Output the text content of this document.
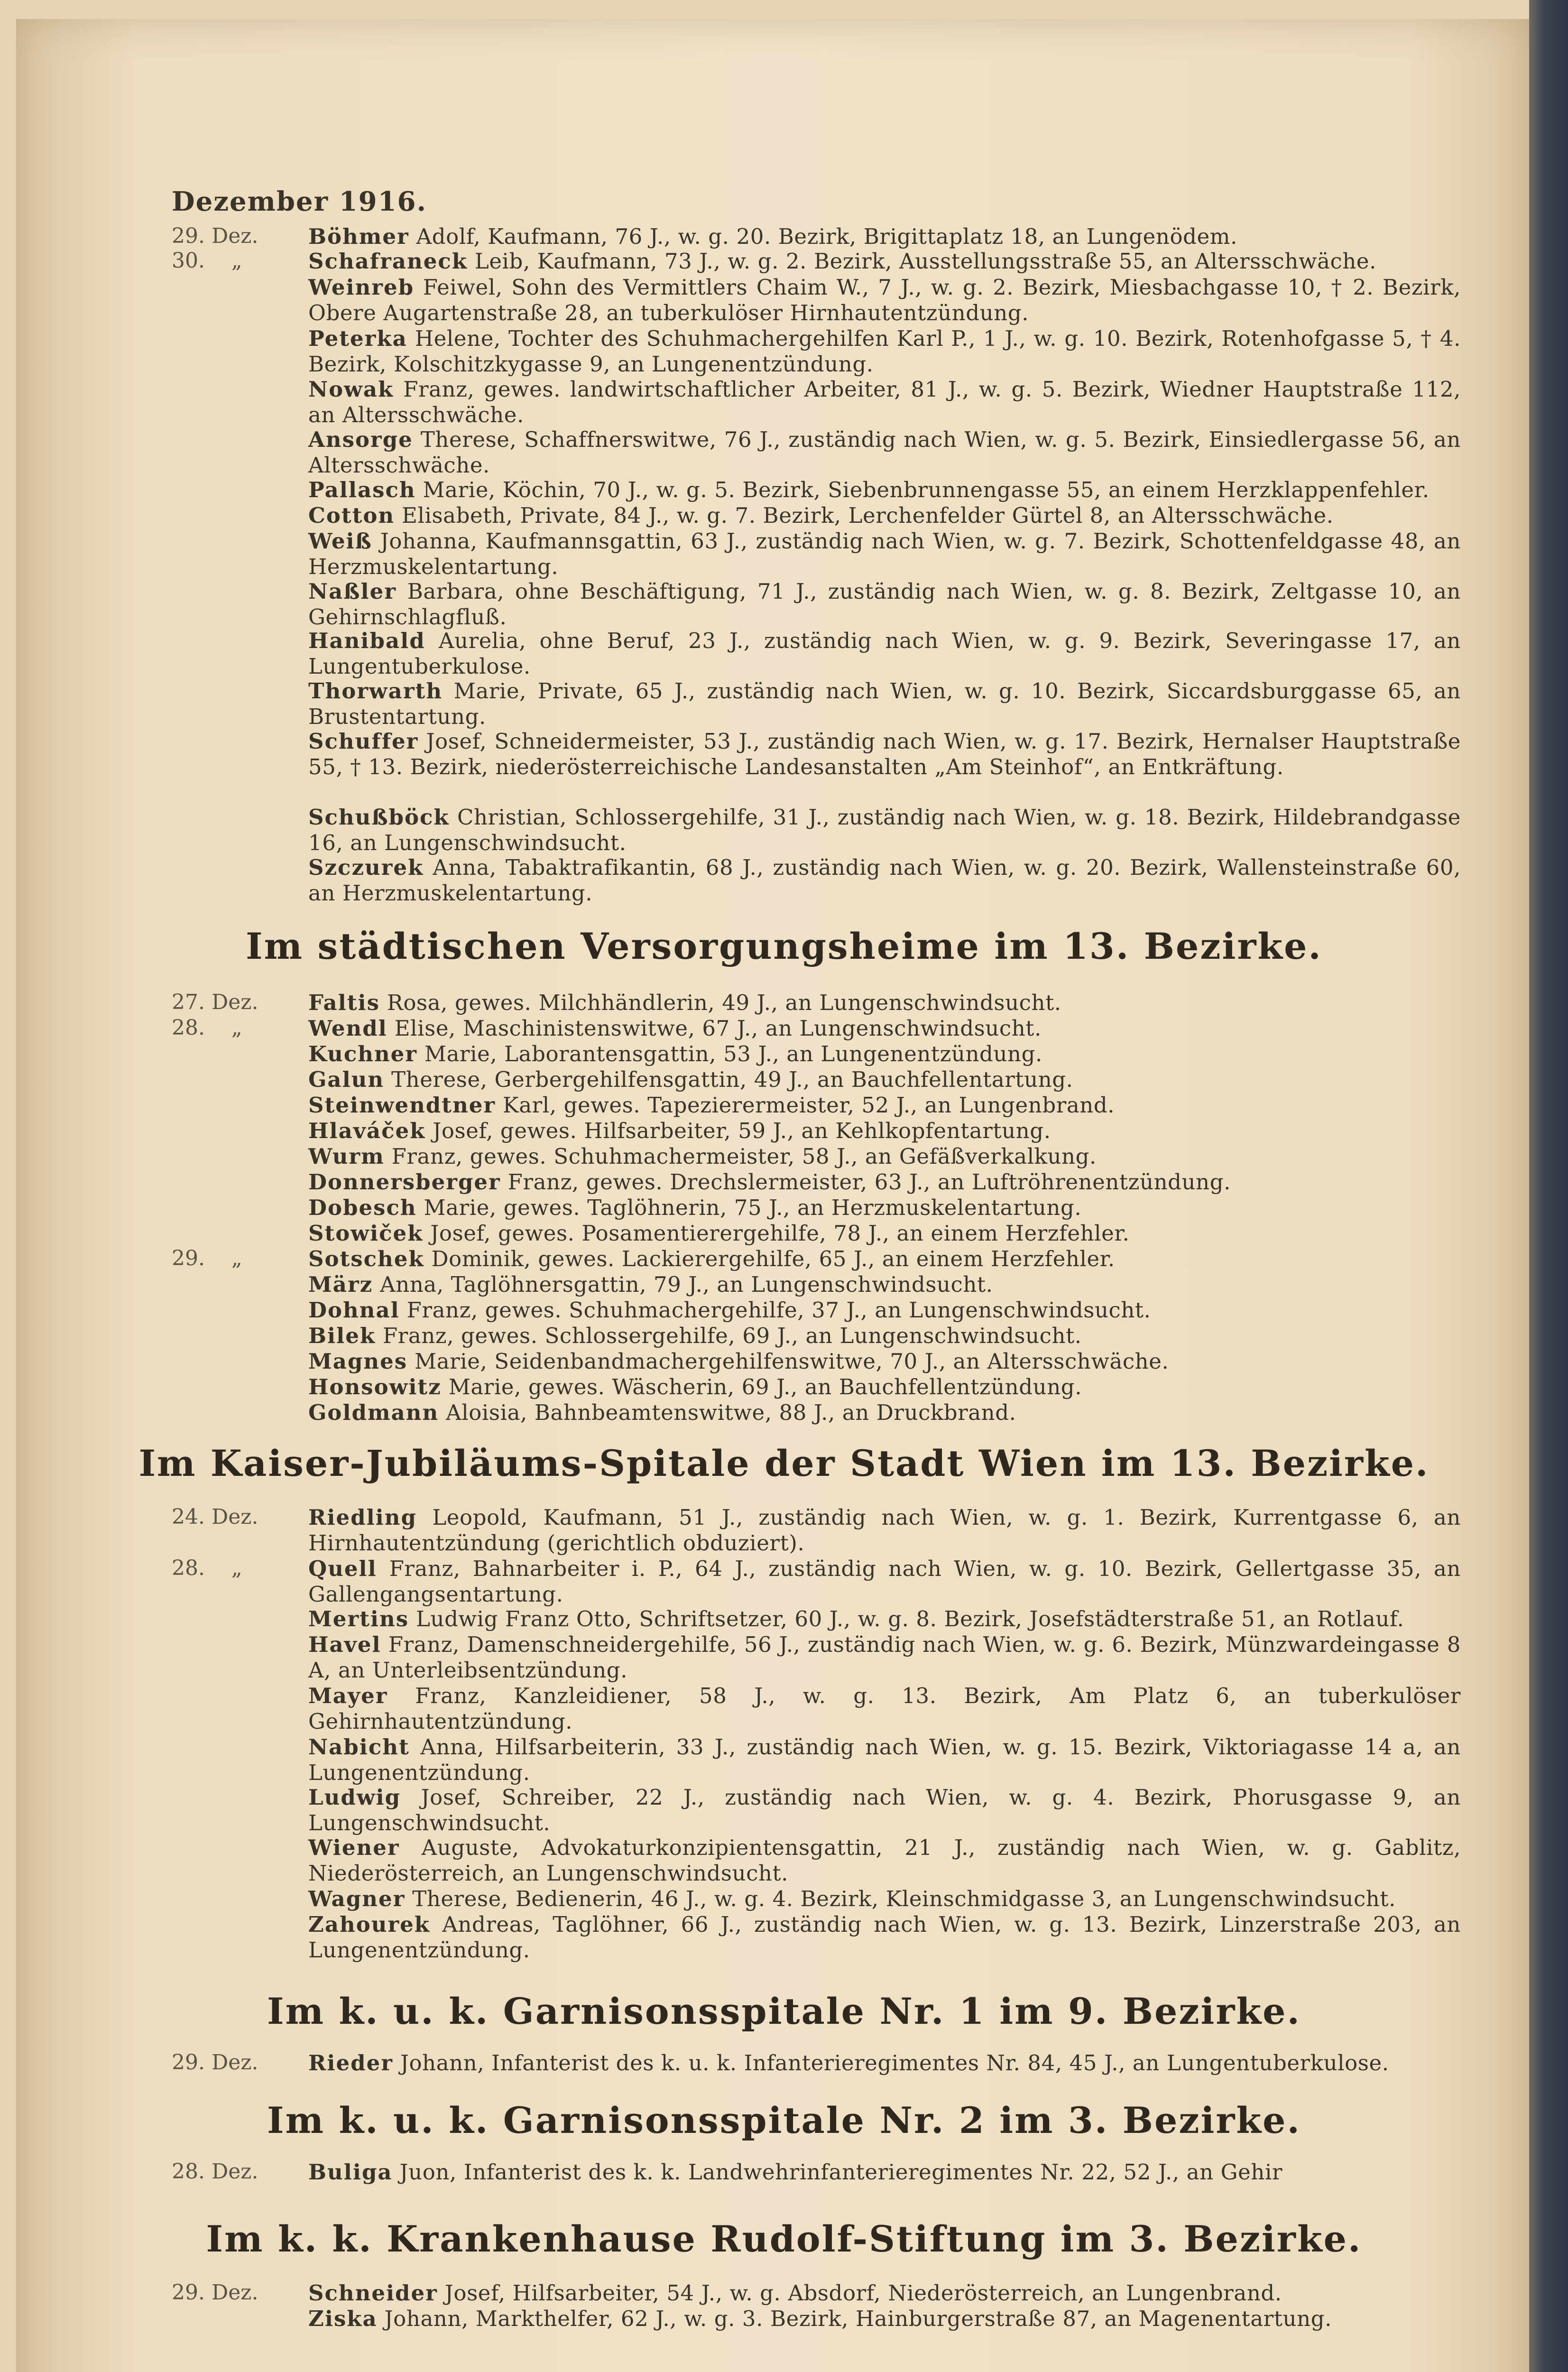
Dezember 1916.
29. Dez.	Böhmer Adolf, Kaufmann, 76 J., w. g. 20. Bezirk, Brigittaplatz 18, an Lungenödem.
30.    „	Schafraneck Leib, Kaufmann, 73 J., w. g. 2. Bezirk, Ausstellungsstraße 55, an Altersschwäche.
Weinreb Feiwel, Sohn des Vermittlers Chaim W., 7 J., w. g. 2. Bezirk, Miesbachgasse 10, † 2. Bezirk, Obere Augartenstraße 28, an tuberkulöser Hirnhautentzündung.
Peterka Helene, Tochter des Schuhmachergehilfen Karl P., 1 J., w. g. 10. Bezirk, Rotenhofgasse 5, † 4. Bezirk, Kolschitzkygasse 9, an Lungenentzündung.
Nowak Franz, gewes. landwirtschaftlicher Arbeiter, 81 J., w. g. 5. Bezirk, Wiedner Hauptstraße 112, an Altersschwäche.
Ansorge Therese, Schaffnerswitwe, 76 J., zuständig nach Wien, w. g. 5. Bezirk, Einsiedlergasse 56, an Altersschwäche.
Pallasch Marie, Köchin, 70 J., w. g. 5. Bezirk, Siebenbrunnengasse 55, an einem Herzklappenfehler.
Cotton Elisabeth, Private, 84 J., w. g. 7. Bezirk, Lerchenfelder Gürtel 8, an Altersschwäche.
Weiß Johanna, Kaufmannsgattin, 63 J., zuständig nach Wien, w. g. 7. Bezirk, Schottenfeldgasse 48, an Herzmuskelentartung.
Naßler Barbara, ohne Beschäftigung, 71 J., zuständig nach Wien, w. g. 8. Bezirk, Zeltgasse 10, an Gehirnschlagfluß.
Hanibald Aurelia, ohne Beruf, 23 J., zuständig nach Wien, w. g. 9. Bezirk, Severingasse 17, an Lungentuberkulose.
Thorwarth Marie, Private, 65 J., zuständig nach Wien, w. g. 10. Bezirk, Siccardsburggasse 65, an Brustentartung.
Schuffer Josef, Schneidermeister, 53 J., zuständig nach Wien, w. g. 17. Bezirk, Hernalser Hauptstraße 55, † 13. Bezirk, niederösterreichische Landesanstalten „Am Steinhof“, an Entkräftung.
Schußböck Christian, Schlossergehilfe, 31 J., zuständig nach Wien, w. g. 18. Bezirk, Hildebrandgasse 16, an Lungenschwindsucht.
Szczurek Anna, Tabaktrafikantin, 68 J., zuständig nach Wien, w. g. 20. Bezirk, Wallensteinstraße 60, an Herzmuskelentartung.
Im städtischen Versorgungsheime im 13. Bezirke.
27. Dez.	Faltis Rosa, gewes. Milchhändlerin, 49 J., an Lungenschwindsucht.
28.    „	Wendl Elise, Maschinistenswitwe, 67 J., an Lungenschwindsucht.
Kuchner Marie, Laborantensgattin, 53 J., an Lungenentzündung.
Galun Therese, Gerbergehilfensgattin, 49 J., an Bauchfellentartung.
Steinwendtner Karl, gewes. Tapezierermeister, 52 J., an Lungenbrand.
Hlaváček Josef, gewes. Hilfsarbeiter, 59 J., an Kehlkopfentartung.
Wurm Franz, gewes. Schuhmachermeister, 58 J., an Gefäßverkalkung.
Donnersberger Franz, gewes. Drechslermeister, 63 J., an Luftröhrenentzündung.
Dobesch Marie, gewes. Taglöhnerin, 75 J., an Herzmuskelentartung.
Stowiček Josef, gewes. Posamentierergehilfe, 78 J., an einem Herzfehler.
29.    „	Sotschek Dominik, gewes. Lackierergehilfe, 65 J., an einem Herzfehler.
März Anna, Taglöhnersgattin, 79 J., an Lungenschwindsucht.
Dohnal Franz, gewes. Schuhmachergehilfe, 37 J., an Lungenschwindsucht.
Bilek Franz, gewes. Schlossergehilfe, 69 J., an Lungenschwindsucht.
Magnes Marie, Seidenbandmachergehilfenswitwe, 70 J., an Altersschwäche.
Honsowitz Marie, gewes. Wäscherin, 69 J., an Bauchfellentzündung.
Goldmann Aloisia, Bahnbeamtenswitwe, 88 J., an Druckbrand.
Im Kaiser-Jubiläums-Spitale der Stadt Wien im 13. Bezirke.
24. Dez.	Riedling Leopold, Kaufmann, 51 J., zuständig nach Wien, w. g. 1. Bezirk, Kurrentgasse 6, an Hirnhautentzündung (gerichtlich obduziert).
28.    „	Quell Franz, Bahnarbeiter i. P., 64 J., zuständig nach Wien, w. g. 10. Bezirk, Gellertgasse 35, an Gallengangsentartung.
Mertins Ludwig Franz Otto, Schriftsetzer, 60 J., w. g. 8. Bezirk, Josefstädterstraße 51, an Rotlauf.
Havel Franz, Damenschneidergehilfe, 56 J., zuständig nach Wien, w. g. 6. Bezirk, Münzwardeingasse 8 A, an Unterleibsentzündung.
Mayer Franz, Kanzleidiener, 58 J., w. g. 13. Bezirk, Am Platz 6, an tuberkulöser Gehirnhautentzündung.
Nabicht Anna, Hilfsarbeiterin, 33 J., zuständig nach Wien, w. g. 15. Bezirk, Viktoriagasse 14 a, an Lungenentzündung.
Ludwig Josef, Schreiber, 22 J., zuständig nach Wien, w. g. 4. Bezirk, Phorusgasse 9, an Lungenschwindsucht.
Wiener Auguste, Advokaturkonzipientensgattin, 21 J., zuständig nach Wien, w. g. Gablitz, Niederösterreich, an Lungenschwindsucht.
Wagner Therese, Bedienerin, 46 J., w. g. 4. Bezirk, Kleinschmidgasse 3, an Lungenschwindsucht.
Zahourek Andreas, Taglöhner, 66 J., zuständig nach Wien, w. g. 13. Bezirk, Linzerstraße 203, an Lungenentzündung.
Im k. u. k. Garnisonsspitale Nr. 1 im 9. Bezirke.
29. Dez.	Rieder Johann, Infanterist des k. u. k. Infanterieregimentes Nr. 84, 45 J., an Lungentuberkulose.
Im k. u. k. Garnisonsspitale Nr. 2 im 3. Bezirke.
28. Dez.	Buliga Juon, Infanterist des k. k. Landwehrinfanterieregimentes Nr. 22, 52 J., an Gehir
Im k. k. Krankenhause Rudolf-Stiftung im 3. Bezirke.
29. Dez.	Schneider Josef, Hilfsarbeiter, 54 J., w. g. Absdorf, Niederösterreich, an Lungenbrand.
Ziska Johann, Markthelfer, 62 J., w. g. 3. Bezirk, Hainburgerstraße 87, an Magenentartung.
